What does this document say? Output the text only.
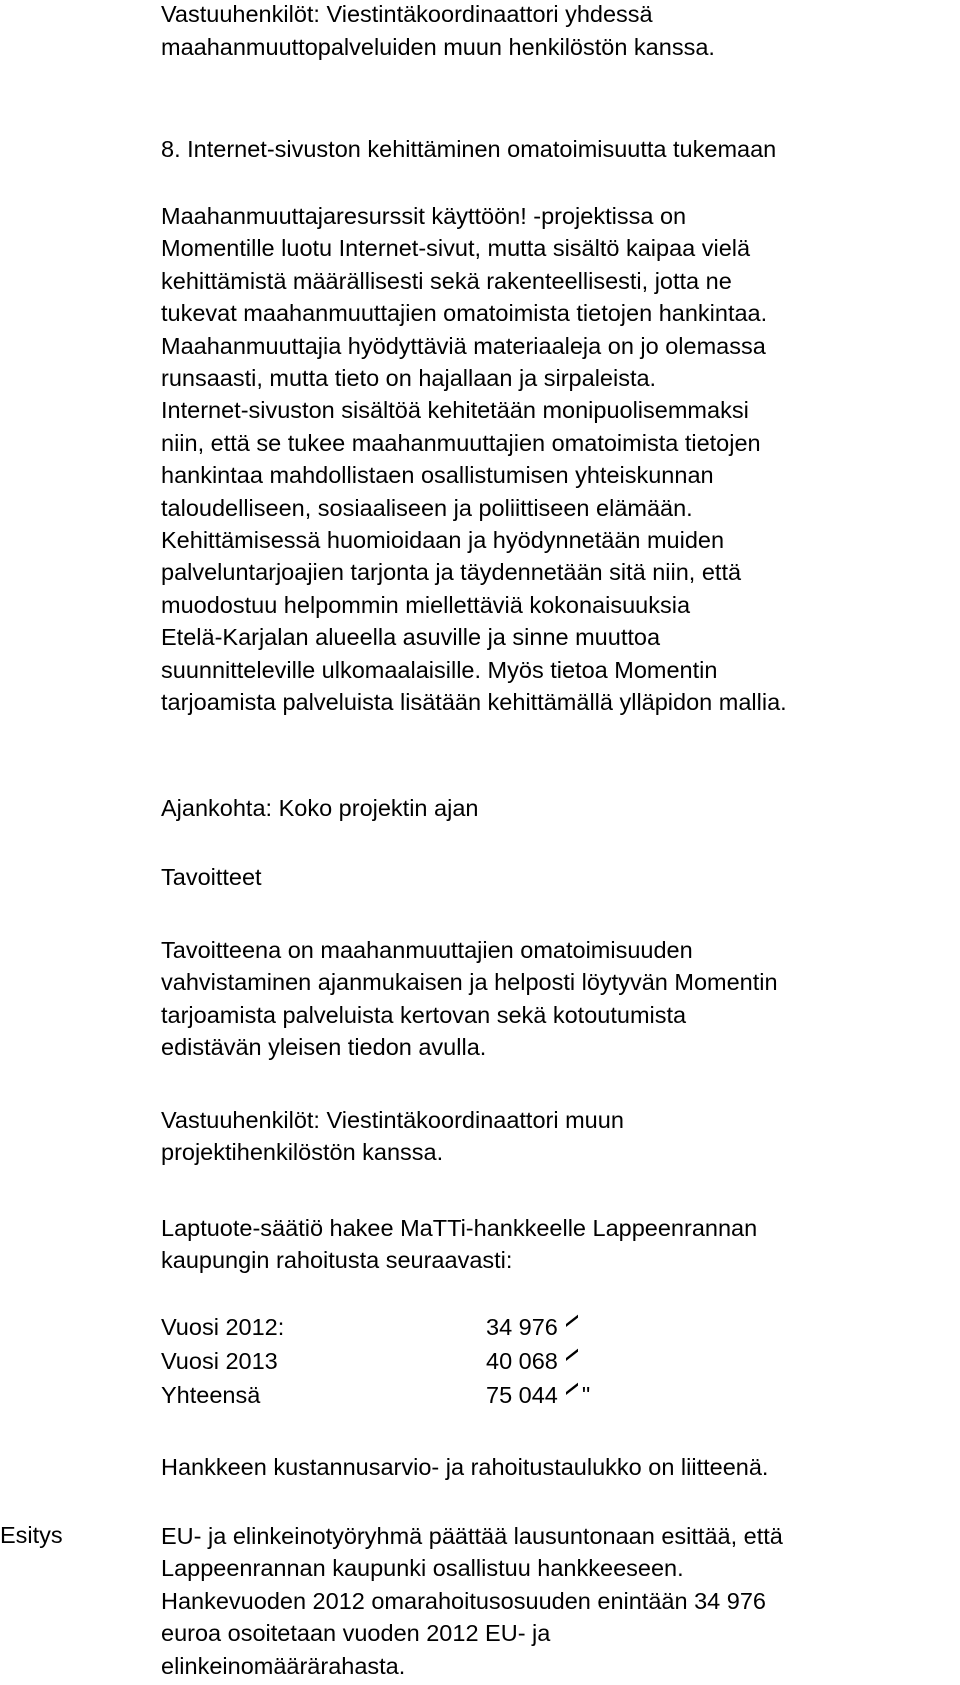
Vastuuhenkilöt: Viestintäkoordinaattori yhdessä
maahanmuuttopalveluiden muun henkilöstön kanssa.
8. Internet-sivuston kehittäminen omatoimisuutta tukemaan
Maahanmuuttajaresurssit käyttöön! -projektissa on
Momentille luotu Internet-sivut, mutta sisältö kaipaa vielä
kehittämistä määrällisesti sekä rakenteellisesti, jotta ne
tukevat maahanmuuttajien omatoimista tietojen hankintaa.
Maahanmuuttajia hyödyttäviä materiaaleja on jo olemassa
runsaasti, mutta tieto on hajallaan ja sirpaleista.
Internet-sivuston sisältöä kehitetään monipuolisemmaksi
niin, että se tukee maahanmuuttajien omatoimista tietojen
hankintaa mahdollistaen osallistumisen yhteiskunnan
taloudelliseen, sosiaaliseen ja poliittiseen elämään.
Kehittämisessä huomioidaan ja hyödynnetään muiden
palveluntarjoajien tarjonta ja täydennetään sitä niin, että
muodostuu helpommin miellettäviä kokonaisuuksia
Etelä-Karjalan alueella asuville ja sinne muuttoa
suunnitteleville ulkomaalaisille. Myös tietoa Momentin
tarjoamista palveluista lisätään kehittämällä ylläpidon mallia.
Ajankohta: Koko projektin ajan
Tavoitteet
Tavoitteena on maahanmuuttajien omatoimisuuden
vahvistaminen ajanmukaisen ja helposti löytyvän Momentin
tarjoamista palveluista kertovan sekä kotoutumista
edistävän yleisen tiedon avulla.
Vastuuhenkilöt: Viestintäkoordinaattori muun
projektihenkilöstön kanssa.
Laptuote-säätiö hakee MaTTi-hankkeelle Lappeenrannan
kaupungin rahoitusta seuraavasti:
Vuosi 2012:	34 976
Vuosi 2013	40 068
Yhteensä	75 044 "
Hankkeen kustannusarvio- ja rahoitustaulukko on liitteenä.
Esitys	EU- ja elinkeinotyöryhmä päättää lausuntonaan esittää, että
Lappeenrannan kaupunki osallistuu hankkeeseen.
Hankevuoden 2012 omarahoitusosuuden enintään 34 976
euroa osoitetaan vuoden 2012 EU- ja
elinkeinomäärärahasta.
